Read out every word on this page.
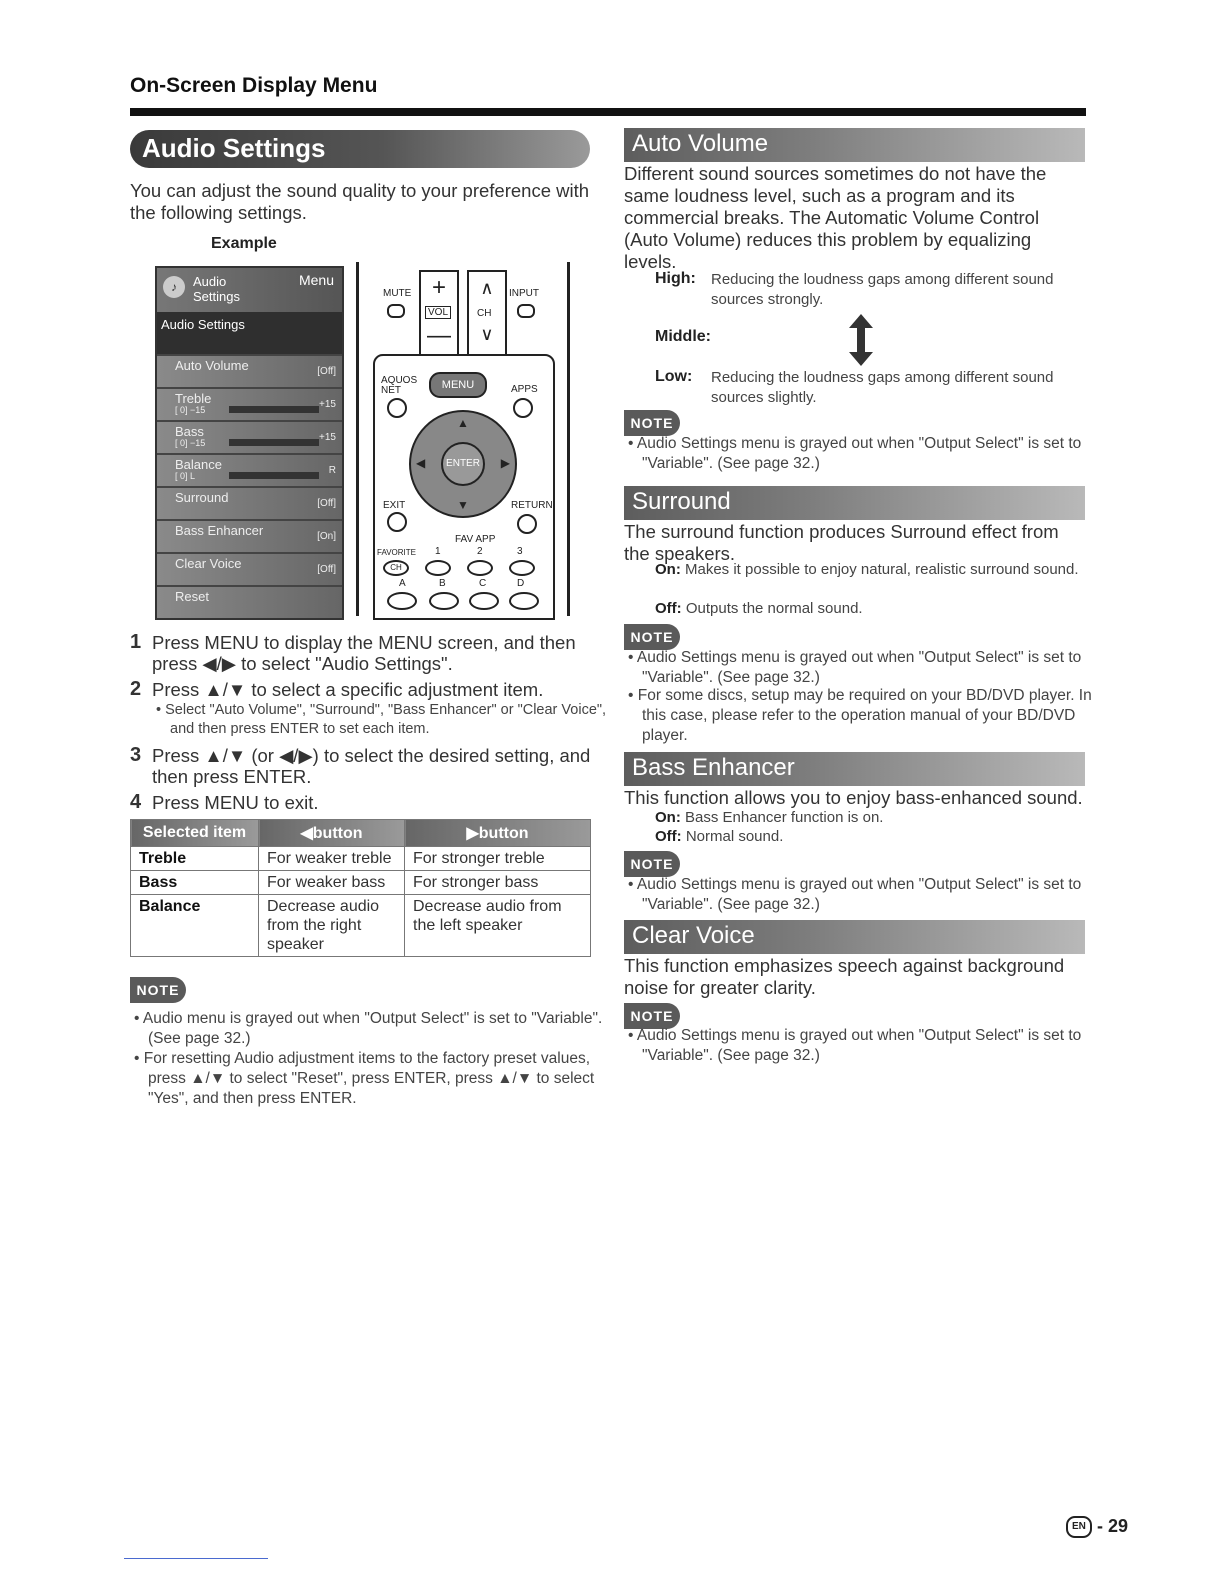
On-Screen Display Menu
Audio Settings
You can adjust the sound quality to your preference with the following settings.
Example
♪	Audio Settings
Menu
Audio Settings
Auto Volume	[Off]
Treble
[ 0] −15	+15
Bass
[ 0] −15	+15
Balance
[ 0] L	R
Surround	[Off]
Bass Enhancer	[On]
Clear Voice	[Off]
Reset
MUTE +
VOL
—
∧
CH
∨
INPUT
AQUOS NET	MENU	APPS
▲
▼
◀	▶
ENTER
EXIT	RETURN
FAV APP
FAVORITE 1	2	3
CH
A	B	C	D
1 Press MENU to display the MENU screen, and then press ◀/▶ to select "Audio Settings".
2 Press ▲/▼ to select a specific adjustment item.
• Select "Auto Volume", "Surround", "Bass Enhancer" or "Clear Voice", and then press ENTER to set each item.
3 Press ▲/▼ (or ◀/▶) to select the desired setting, and then press ENTER.
4 Press MENU to exit.
Selected item	◀button	▶button
Treble	For weaker treble	For stronger treble
Bass	For weaker bass	For stronger bass
Balance	Decrease audio from the right speaker	Decrease audio from the left speaker
NOTE
• Audio menu is grayed out when "Output Select" is set to "Variable". (See page 32.)
• For resetting Audio adjustment items to the factory preset values, press ▲/▼ to select "Reset", press ENTER, press ▲/▼ to select "Yes", and then press ENTER.
Auto Volume
Different sound sources sometimes do not have the same loudness level, such as a program and its commercial breaks. The Automatic Volume Control (Auto Volume) reduces this problem by equalizing levels.
High: Reducing the loudness gaps among different sound sources strongly.
Middle:
Low: Reducing the loudness gaps among different sound sources slightly.
NOTE
• Audio Settings menu is grayed out when "Output Select" is set to "Variable". (See page 32.)
Surround
The surround function produces Surround effect from the speakers.
On: Makes it possible to enjoy natural, realistic surround sound.
Off: Outputs the normal sound.
NOTE
• Audio Settings menu is grayed out when "Output Select" is set to "Variable". (See page 32.)
• For some discs, setup may be required on your BD/DVD player. In this case, please refer to the operation manual of your BD/DVD player.
Bass Enhancer
This function allows you to enjoy bass-enhanced sound.
On: Bass Enhancer function is on.
Off: Normal sound.
NOTE
• Audio Settings menu is grayed out when "Output Select" is set to "Variable". (See page 32.)
Clear Voice
This function emphasizes speech against background noise for greater clarity.
NOTE
• Audio Settings menu is grayed out when "Output Select" is set to "Variable". (See page 32.)
EN - 29
